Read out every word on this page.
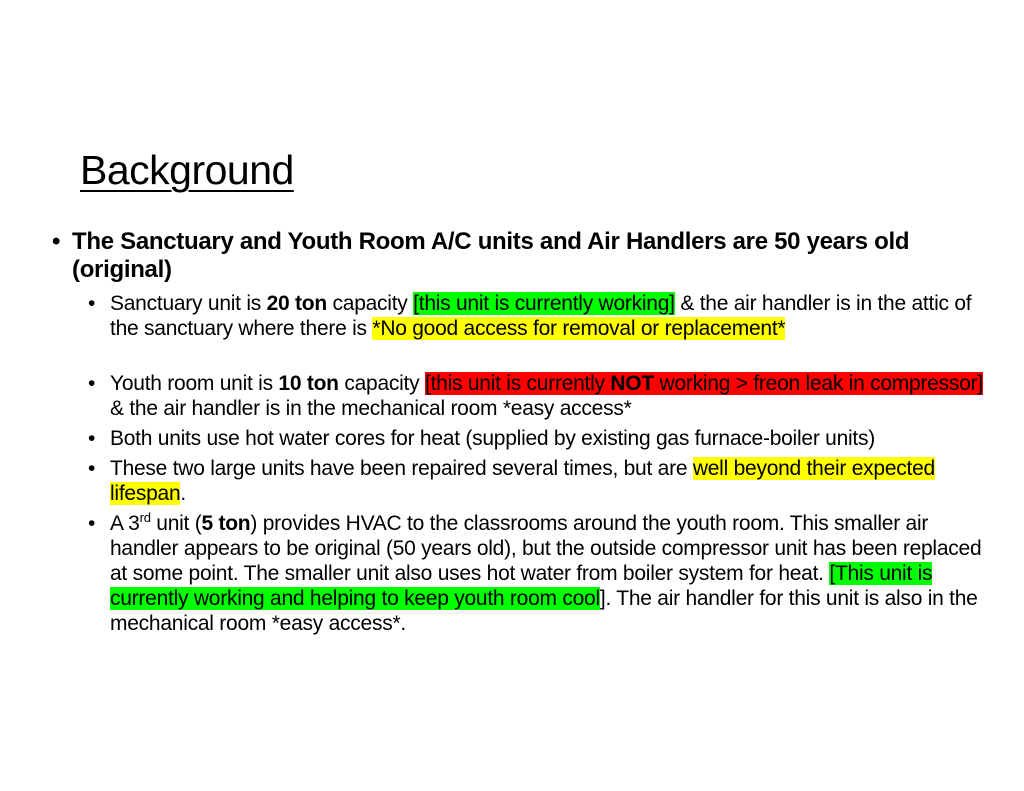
Background
• The Sanctuary and Youth Room A/C units and Air Handlers are 50 years old (original)
• Sanctuary unit is 20 ton capacity [this unit is currently working] & the air handler is in the attic of the sanctuary where there is *No good access for removal or replacement*
• Youth room unit is 10 ton capacity [this unit is currently NOT working > freon leak in compressor] & the air handler is in the mechanical room *easy access*
• Both units use hot water cores for heat (supplied by existing gas furnace-boiler units)
• These two large units have been repaired several times, but are well beyond their expected lifespan.
• A 3rd unit (5 ton) provides HVAC to the classrooms around the youth room. This smaller air handler appears to be original (50 years old), but the outside compressor unit has been replaced at some point. The smaller unit also uses hot water from boiler system for heat. [This unit is currently working and helping to keep youth room cool]. The air handler for this unit is also in the mechanical room *easy access*.
